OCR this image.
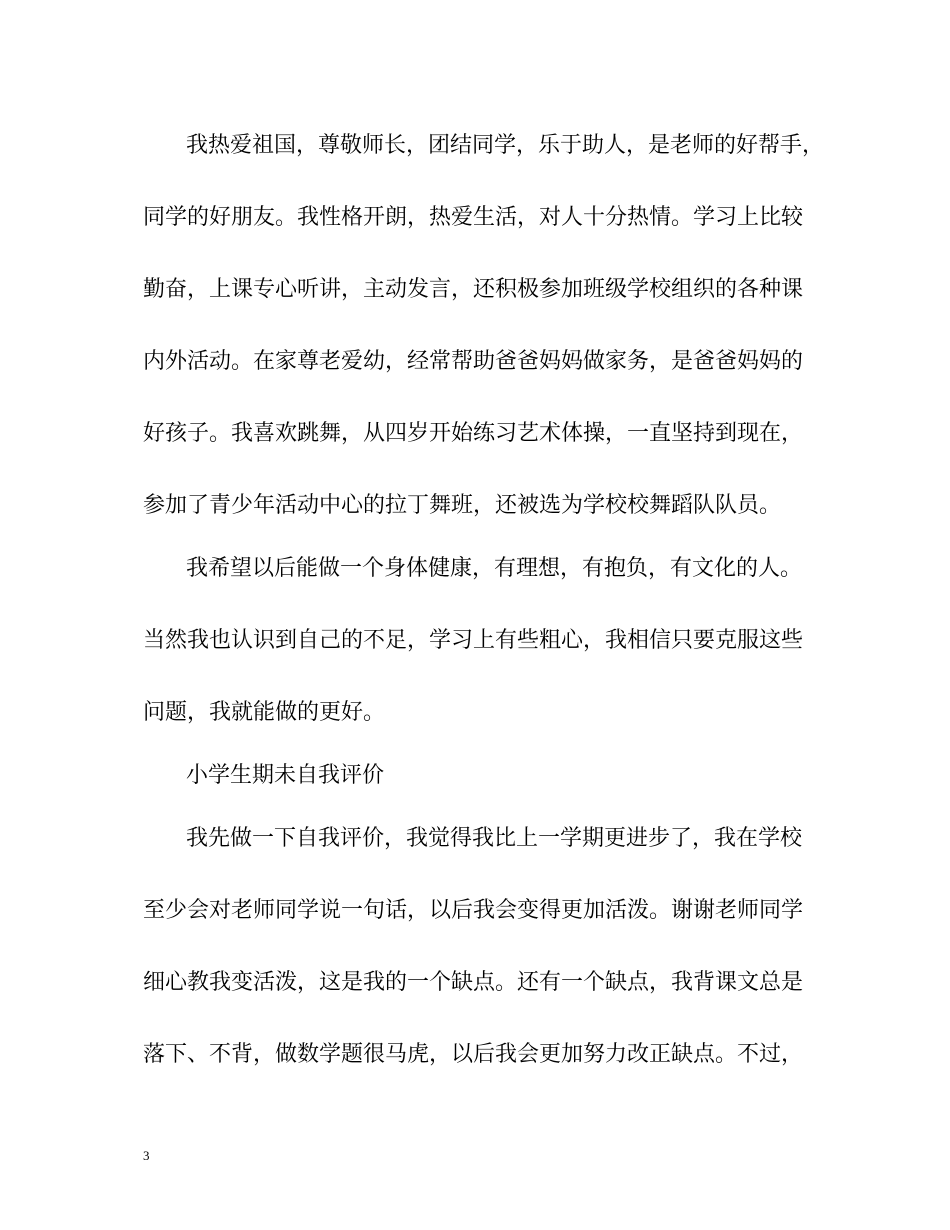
我热爱祖国，尊敬师长，团结同学，乐于助人，是老师的好帮手，

同学的好朋友。我性格开朗，热爱生活，对人十分热情。学习上比较

勤奋，上课专心听讲，主动发言，还积极参加班级学校组织的各种课

内外活动。在家尊老爱幼，经常帮助爸爸妈妈做家务，是爸爸妈妈的

好孩子。我喜欢跳舞，从四岁开始练习艺术体操，一直坚持到现在，

参加了青少年活动中心的拉丁舞班，还被选为学校校舞蹈队队员。

我希望以后能做一个身体健康，有理想，有抱负，有文化的人。

当然我也认识到自己的不足，学习上有些粗心，我相信只要克服这些

问题，我就能做的更好。

小学生期未自我评价

我先做一下自我评价，我觉得我比上一学期更进步了，我在学校

至少会对老师同学说一句话，以后我会变得更加活泼。谢谢老师同学

细心教我变活泼，这是我的一个缺点。还有一个缺点，我背课文总是

落下、不背，做数学题很马虎，以后我会更加努力改正缺点。不过，

3
